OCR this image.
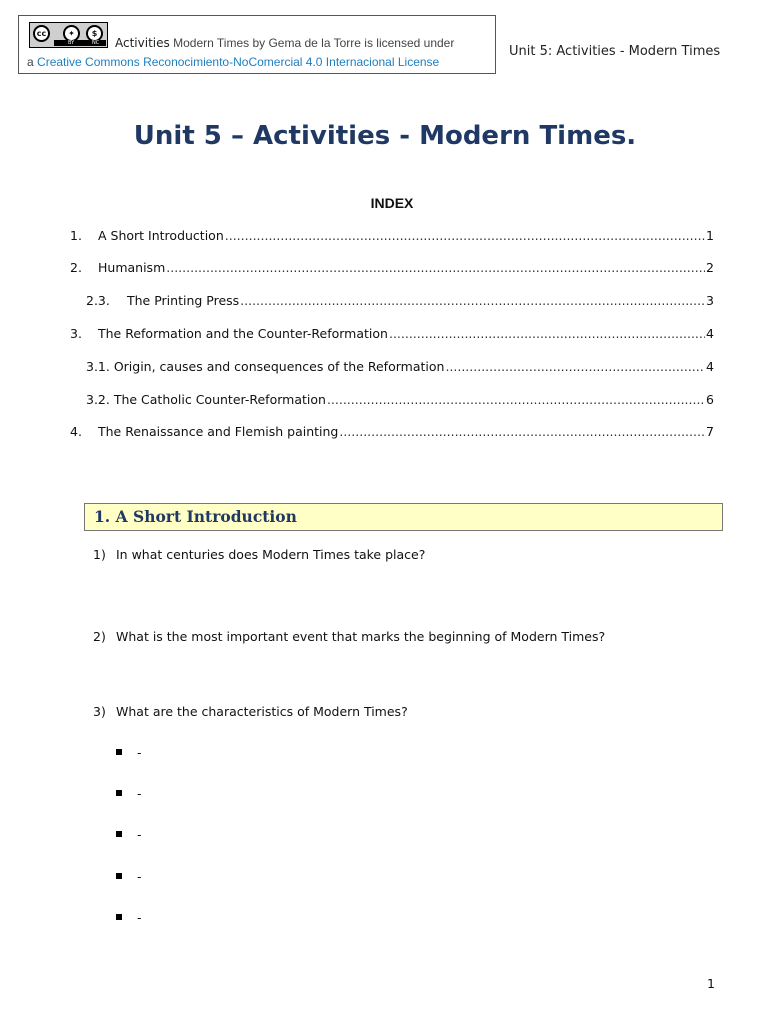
cc	✦	$
BY	NC Activities Modern Times by Gema de la Torre is licensed under
a Creative Commons Reconocimiento-NoComercial 4.0 Internacional License
Unit 5: Activities - Modern Times
Unit 5 – Activities - Modern Times.
INDEX
1.	A Short Introduction .....	1
2.	Humanism .....	2
2.3.	The Printing Press .....	3
3.	The Reformation and the Counter-Reformation .....	4
3.1. Origin, causes and consequences of the Reformation .....	4
3.2. The Catholic Counter-Reformation .....	6
4.	The Renaissance and Flemish painting .....	7
1. A Short Introduction
1) In what centuries does Modern Times take place?
2) What is the most important event that marks the beginning of Modern Times?
3) What are the characteristics of Modern Times?
-
-
-
-
-
1
